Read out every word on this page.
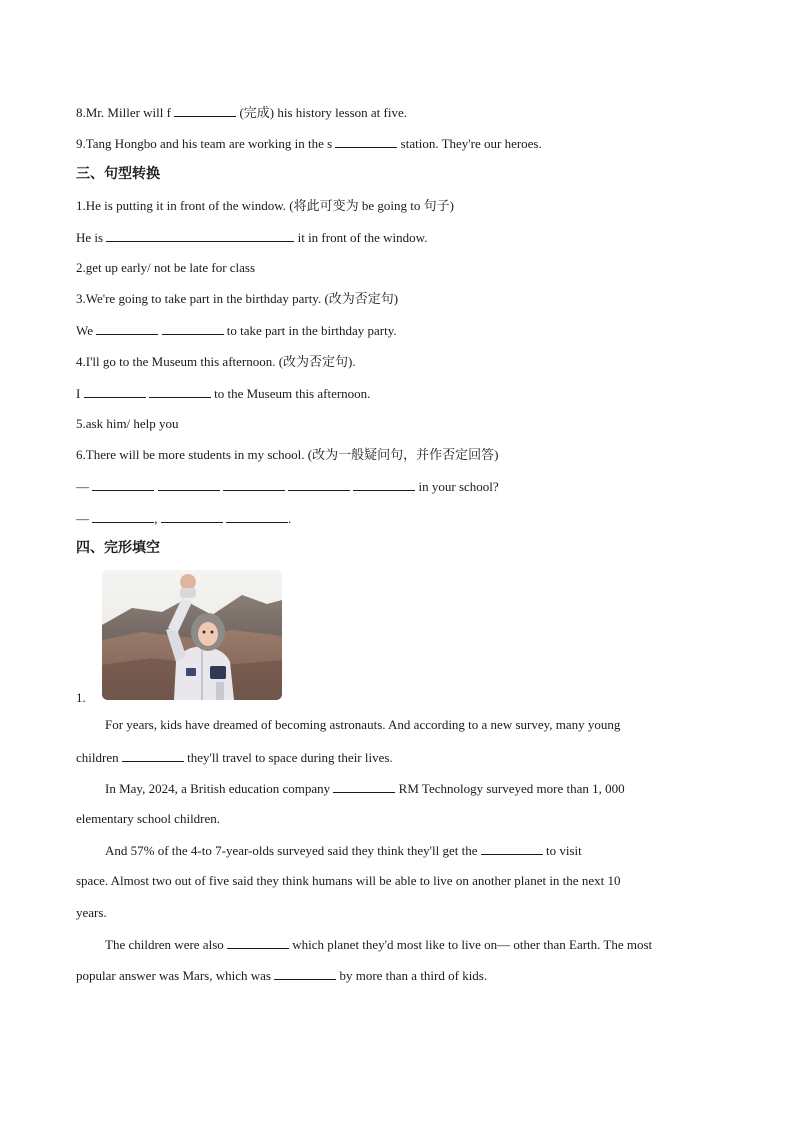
8.Mr. Miller will f	(完成) his history lesson at five.
9.Tang Hongbo and his team are working in the s	station. They're our heroes.
三、句型转换
1.He is putting it in front of the window. (将此可变为 be going to 句子)
He is	it in front of the window.
2.get up early/ not be late for class
3.We're going to take part in the birthday party. (改为否定句)
We	to take part in the birthday party.
4.I'll go to the Museum this afternoon. (改为否定句).
I	to the Museum this afternoon.
5.ask him/ help you
6.There will be more students in my school. (改为一般疑问句，并作否定回答)
—	in your school?
—	,	.
四、完形填空
1.
For years, kids have dreamed of becoming astronauts. And according to a new survey, many young
children	they'll travel to space during their lives.
In May, 2024, a British education company	RM Technology surveyed more than 1, 000
elementary school children.
And 57% of the 4-to 7-year-olds surveyed said they think they'll get the	to visit
space. Almost two out of five said they think humans will be able to live on another planet in the next 10
years.
The children were also	which planet they'd most like to live on— other than Earth. The most
popular answer was Mars, which was	by more than a third of kids.
